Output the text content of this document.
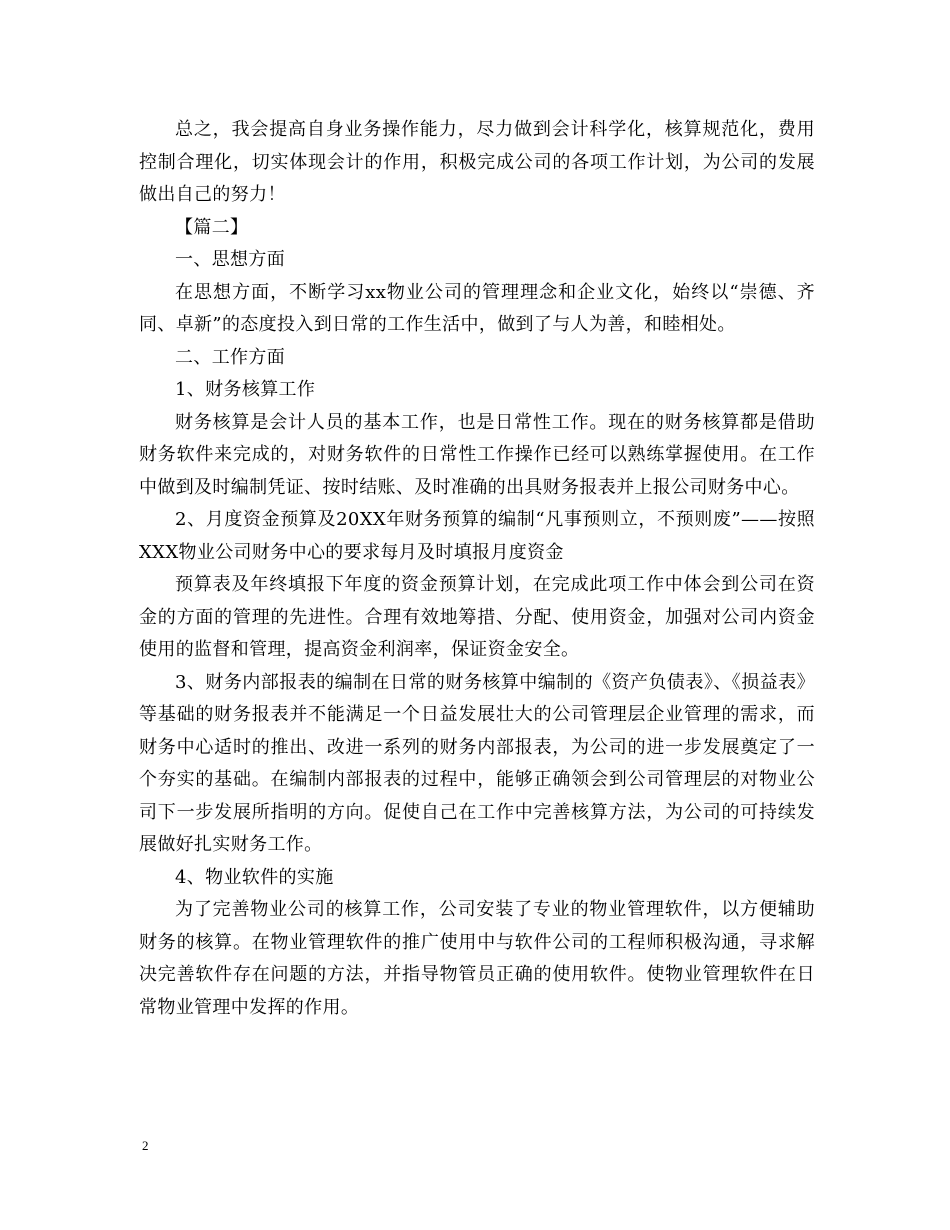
总之，我会提高自身业务操作能力，尽力做到会计科学化，核算规范化，费用控制合理化，切实体现会计的作用，积极完成公司的各项工作计划，为公司的发展做出自己的努力！

【篇二】

一、思想方面

在思想方面，不断学习xx物业公司的管理理念和企业文化，始终以“崇德、齐同、卓新”的态度投入到日常的工作生活中，做到了与人为善，和睦相处。

二、工作方面

1、财务核算工作

财务核算是会计人员的基本工作，也是日常性工作。现在的财务核算都是借助财务软件来完成的，对财务软件的日常性工作操作已经可以熟练掌握使用。在工作中做到及时编制凭证、按时结账、及时准确的出具财务报表并上报公司财务中心。

2、月度资金预算及20XX年财务预算的编制“凡事预则立，不预则废”——按照XXX物业公司财务中心的要求每月及时填报月度资金

预算表及年终填报下年度的资金预算计划，在完成此项工作中体会到公司在资金的方面的管理的先进性。合理有效地筹措、分配、使用资金，加强对公司内资金使用的监督和管理，提高资金利润率，保证资金安全。

3、财务内部报表的编制在日常的财务核算中编制的《资产负债表》、《损益表》等基础的财务报表并不能满足一个日益发展壮大的公司管理层企业管理的需求，而财务中心适时的推出、改进一系列的财务内部报表，为公司的进一步发展奠定了一个夯实的基础。在编制内部报表的过程中，能够正确领会到公司管理层的对物业公司下一步发展所指明的方向。促使自己在工作中完善核算方法，为公司的可持续发展做好扎实财务工作。

4、物业软件的实施

为了完善物业公司的核算工作，公司安装了专业的物业管理软件，以方便辅助财务的核算。在物业管理软件的推广使用中与软件公司的工程师积极沟通，寻求解决完善软件存在问题的方法，并指导物管员正确的使用软件。使物业管理软件在日常物业管理中发挥的作用。

2
